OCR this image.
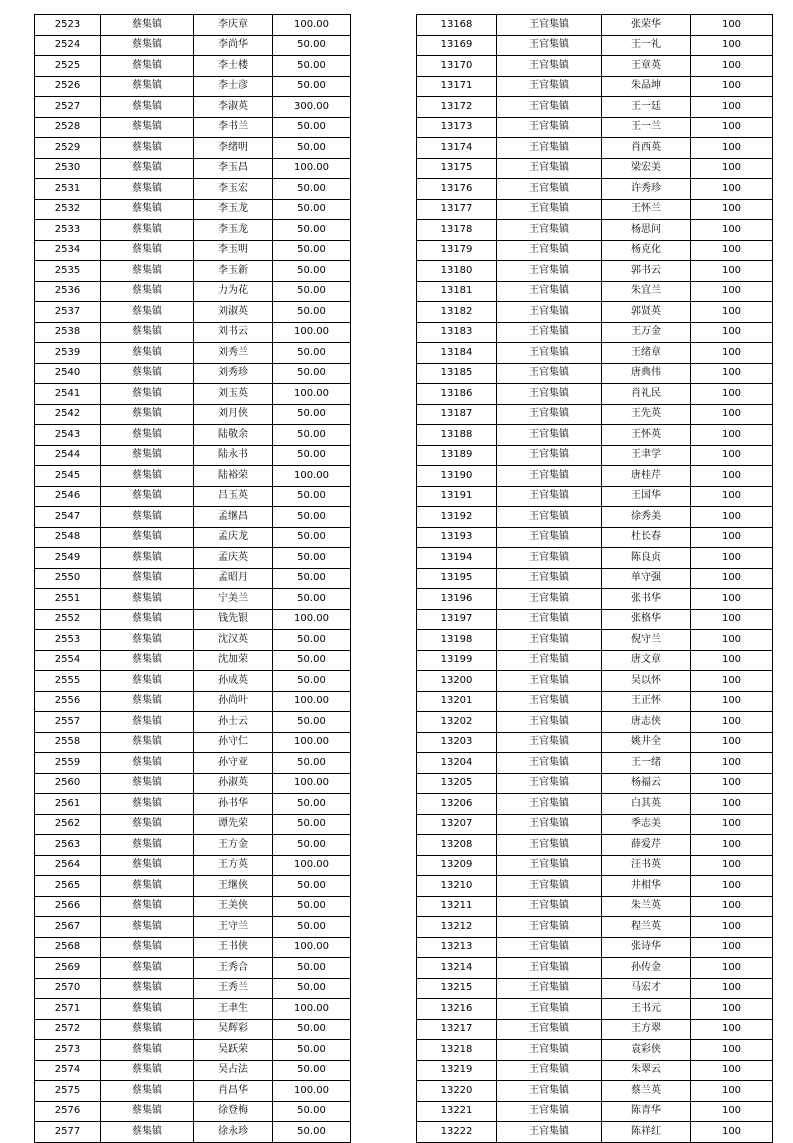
2523	蔡集镇	李庆章	100.00
2524	蔡集镇	李尚华	50.00
2525	蔡集镇	李士楼	50.00
2526	蔡集镇	李士彦	50.00
2527	蔡集镇	李淑英	300.00
2528	蔡集镇	李书兰	50.00
2529	蔡集镇	李绪明	50.00
2530	蔡集镇	李玉昌	100.00
2531	蔡集镇	李玉宏	50.00
2532	蔡集镇	李玉龙	50.00
2533	蔡集镇	李玉龙	50.00
2534	蔡集镇	李玉明	50.00
2535	蔡集镇	李玉新	50.00
2536	蔡集镇	力为花	50.00
2537	蔡集镇	刘淑英	50.00
2538	蔡集镇	刘书云	100.00
2539	蔡集镇	刘秀兰	50.00
2540	蔡集镇	刘秀珍	50.00
2541	蔡集镇	刘玉英	100.00
2542	蔡集镇	刘月侠	50.00
2543	蔡集镇	陆敬余	50.00
2544	蔡集镇	陆永书	50.00
2545	蔡集镇	陆裕荣	100.00
2546	蔡集镇	吕玉英	50.00
2547	蔡集镇	孟继昌	50.00
2548	蔡集镇	孟庆龙	50.00
2549	蔡集镇	孟庆英	50.00
2550	蔡集镇	孟昭月	50.00
2551	蔡集镇	宁美兰	50.00
2552	蔡集镇	钱先银	100.00
2553	蔡集镇	沈汉英	50.00
2554	蔡集镇	沈加荣	50.00
2555	蔡集镇	孙成英	50.00
2556	蔡集镇	孙尚叶	100.00
2557	蔡集镇	孙士云	50.00
2558	蔡集镇	孙守仁	100.00
2559	蔡集镇	孙守亚	50.00
2560	蔡集镇	孙淑英	100.00
2561	蔡集镇	孙书华	50.00
2562	蔡集镇	谭先荣	50.00
2563	蔡集镇	王方金	50.00
2564	蔡集镇	王方英	100.00
2565	蔡集镇	王继侠	50.00
2566	蔡集镇	王美侠	50.00
2567	蔡集镇	王守兰	50.00
2568	蔡集镇	王书侠	100.00
2569	蔡集镇	王秀合	50.00
2570	蔡集镇	王秀兰	50.00
2571	蔡集镇	王聿生	100.00
2572	蔡集镇	吴辉彩	50.00
2573	蔡集镇	吴跃荣	50.00
2574	蔡集镇	吴占法	50.00
2575	蔡集镇	肖昌华	100.00
2576	蔡集镇	徐登梅	50.00
2577	蔡集镇	徐永珍	50.00
13168	王官集镇	张荣华	100
13169	王官集镇	王一礼	100
13170	王官集镇	王章英	100
13171	王官集镇	朱品坤	100
13172	王官集镇	王一廷	100
13173	王官集镇	王一兰	100
13174	王官集镇	肖西英	100
13175	王官集镇	梁宏美	100
13176	王官集镇	许秀珍	100
13177	王官集镇	王怀兰	100
13178	王官集镇	杨思问	100
13179	王官集镇	杨克化	100
13180	王官集镇	郭书云	100
13181	王官集镇	朱宜兰	100
13182	王官集镇	郭贤英	100
13183	王官集镇	王万金	100
13184	王官集镇	王绪章	100
13185	王官集镇	唐典伟	100
13186	王官集镇	肖礼民	100
13187	王官集镇	王先英	100
13188	王官集镇	王怀英	100
13189	王官集镇	王聿学	100
13190	王官集镇	唐桂芹	100
13191	王官集镇	王国华	100
13192	王官集镇	徐秀美	100
13193	王官集镇	杜长春	100
13194	王官集镇	陈良贞	100
13195	王官集镇	单守强	100
13196	王官集镇	张书华	100
13197	王官集镇	张格华	100
13198	王官集镇	倪守兰	100
13199	王官集镇	唐文章	100
13200	王官集镇	吴以怀	100
13201	王官集镇	王正怀	100
13202	王官集镇	唐志侠	100
13203	王官集镇	姚井全	100
13204	王官集镇	王一绪	100
13205	王官集镇	杨福云	100
13206	王官集镇	白其英	100
13207	王官集镇	季志美	100
13208	王官集镇	薛爱芹	100
13209	王官集镇	汪书英	100
13210	王官集镇	井相华	100
13211	王官集镇	朱兰英	100
13212	王官集镇	程兰英	100
13213	王官集镇	张诗华	100
13214	王官集镇	孙传金	100
13215	王官集镇	马宏才	100
13216	王官集镇	王书元	100
13217	王官集镇	王方翠	100
13218	王官集镇	袁彩侠	100
13219	王官集镇	朱翠云	100
13220	王官集镇	蔡兰英	100
13221	王官集镇	陈青华	100
13222	王官集镇	陈祥红	100
